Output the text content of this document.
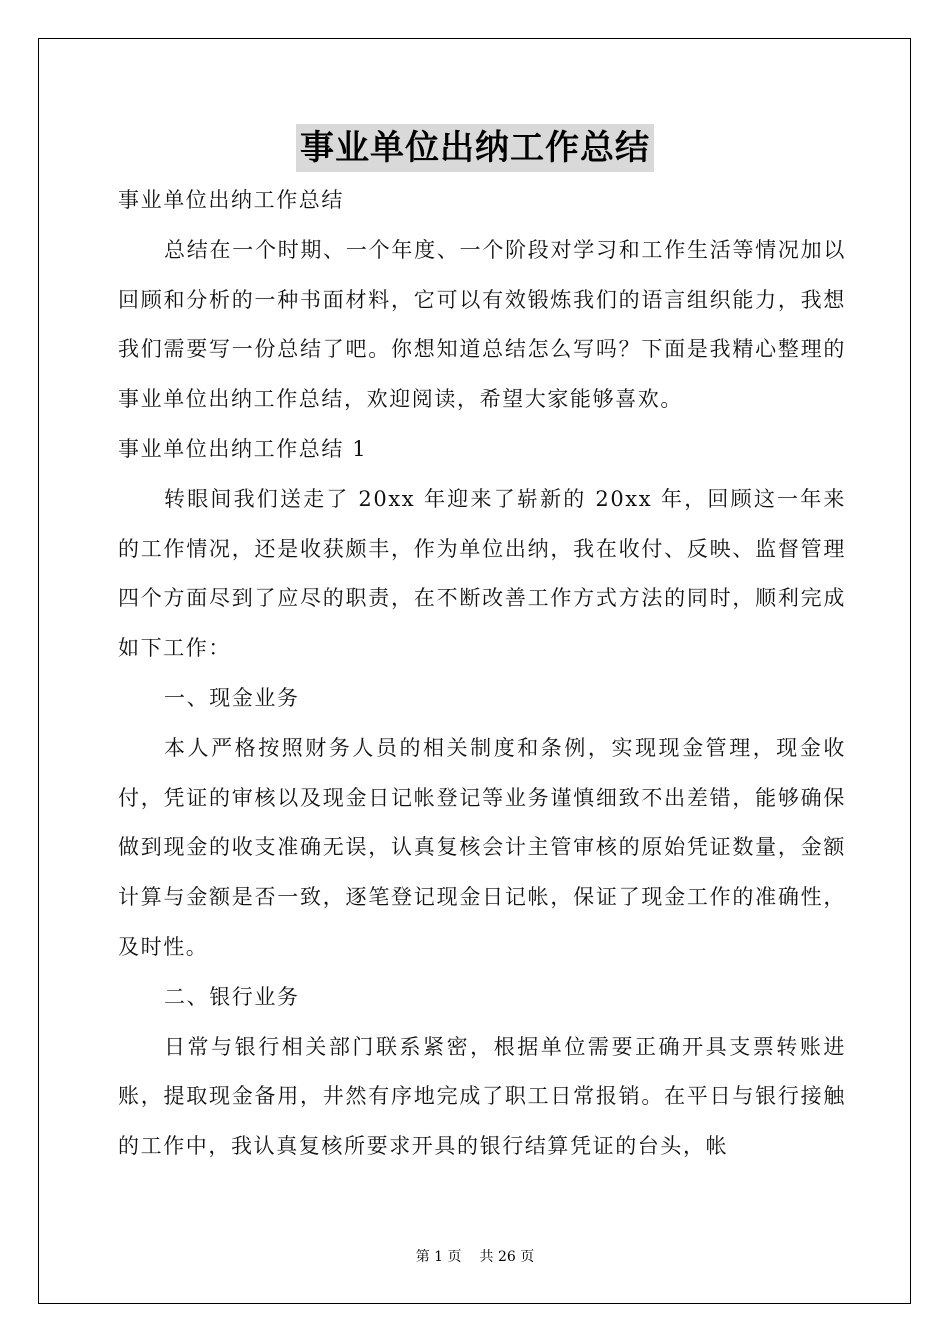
事业单位出纳工作总结

事业单位出纳工作总结

总结在一个时期、一个年度、一个阶段对学习和工作生活等情况加以回顾和分析的一种书面材料，它可以有效锻炼我们的语言组织能力，我想我们需要写一份总结了吧。你想知道总结怎么写吗？下面是我精心整理的事业单位出纳工作总结，欢迎阅读，希望大家能够喜欢。

事业单位出纳工作总结 1

转眼间我们送走了 20xx 年迎来了崭新的 20xx 年，回顾这一年来的工作情况，还是收获颇丰，作为单位出纳，我在收付、反映、监督管理四个方面尽到了应尽的职责，在不断改善工作方式方法的同时，顺利完成如下工作：

一、现金业务

本人严格按照财务人员的相关制度和条例，实现现金管理，现金收付，凭证的审核以及现金日记帐登记等业务谨慎细致不出差错，能够确保做到现金的收支准确无误，认真复核会计主管审核的原始凭证数量，金额计算与金额是否一致，逐笔登记现金日记帐，保证了现金工作的准确性，及时性。

二、银行业务

日常与银行相关部门联系紧密，根据单位需要正确开具支票转账进账，提取现金备用，井然有序地完成了职工日常报销。在平日与银行接触的工作中，我认真复核所要求开具的银行结算凭证的台头，帐

第 1 页 共 26 页
